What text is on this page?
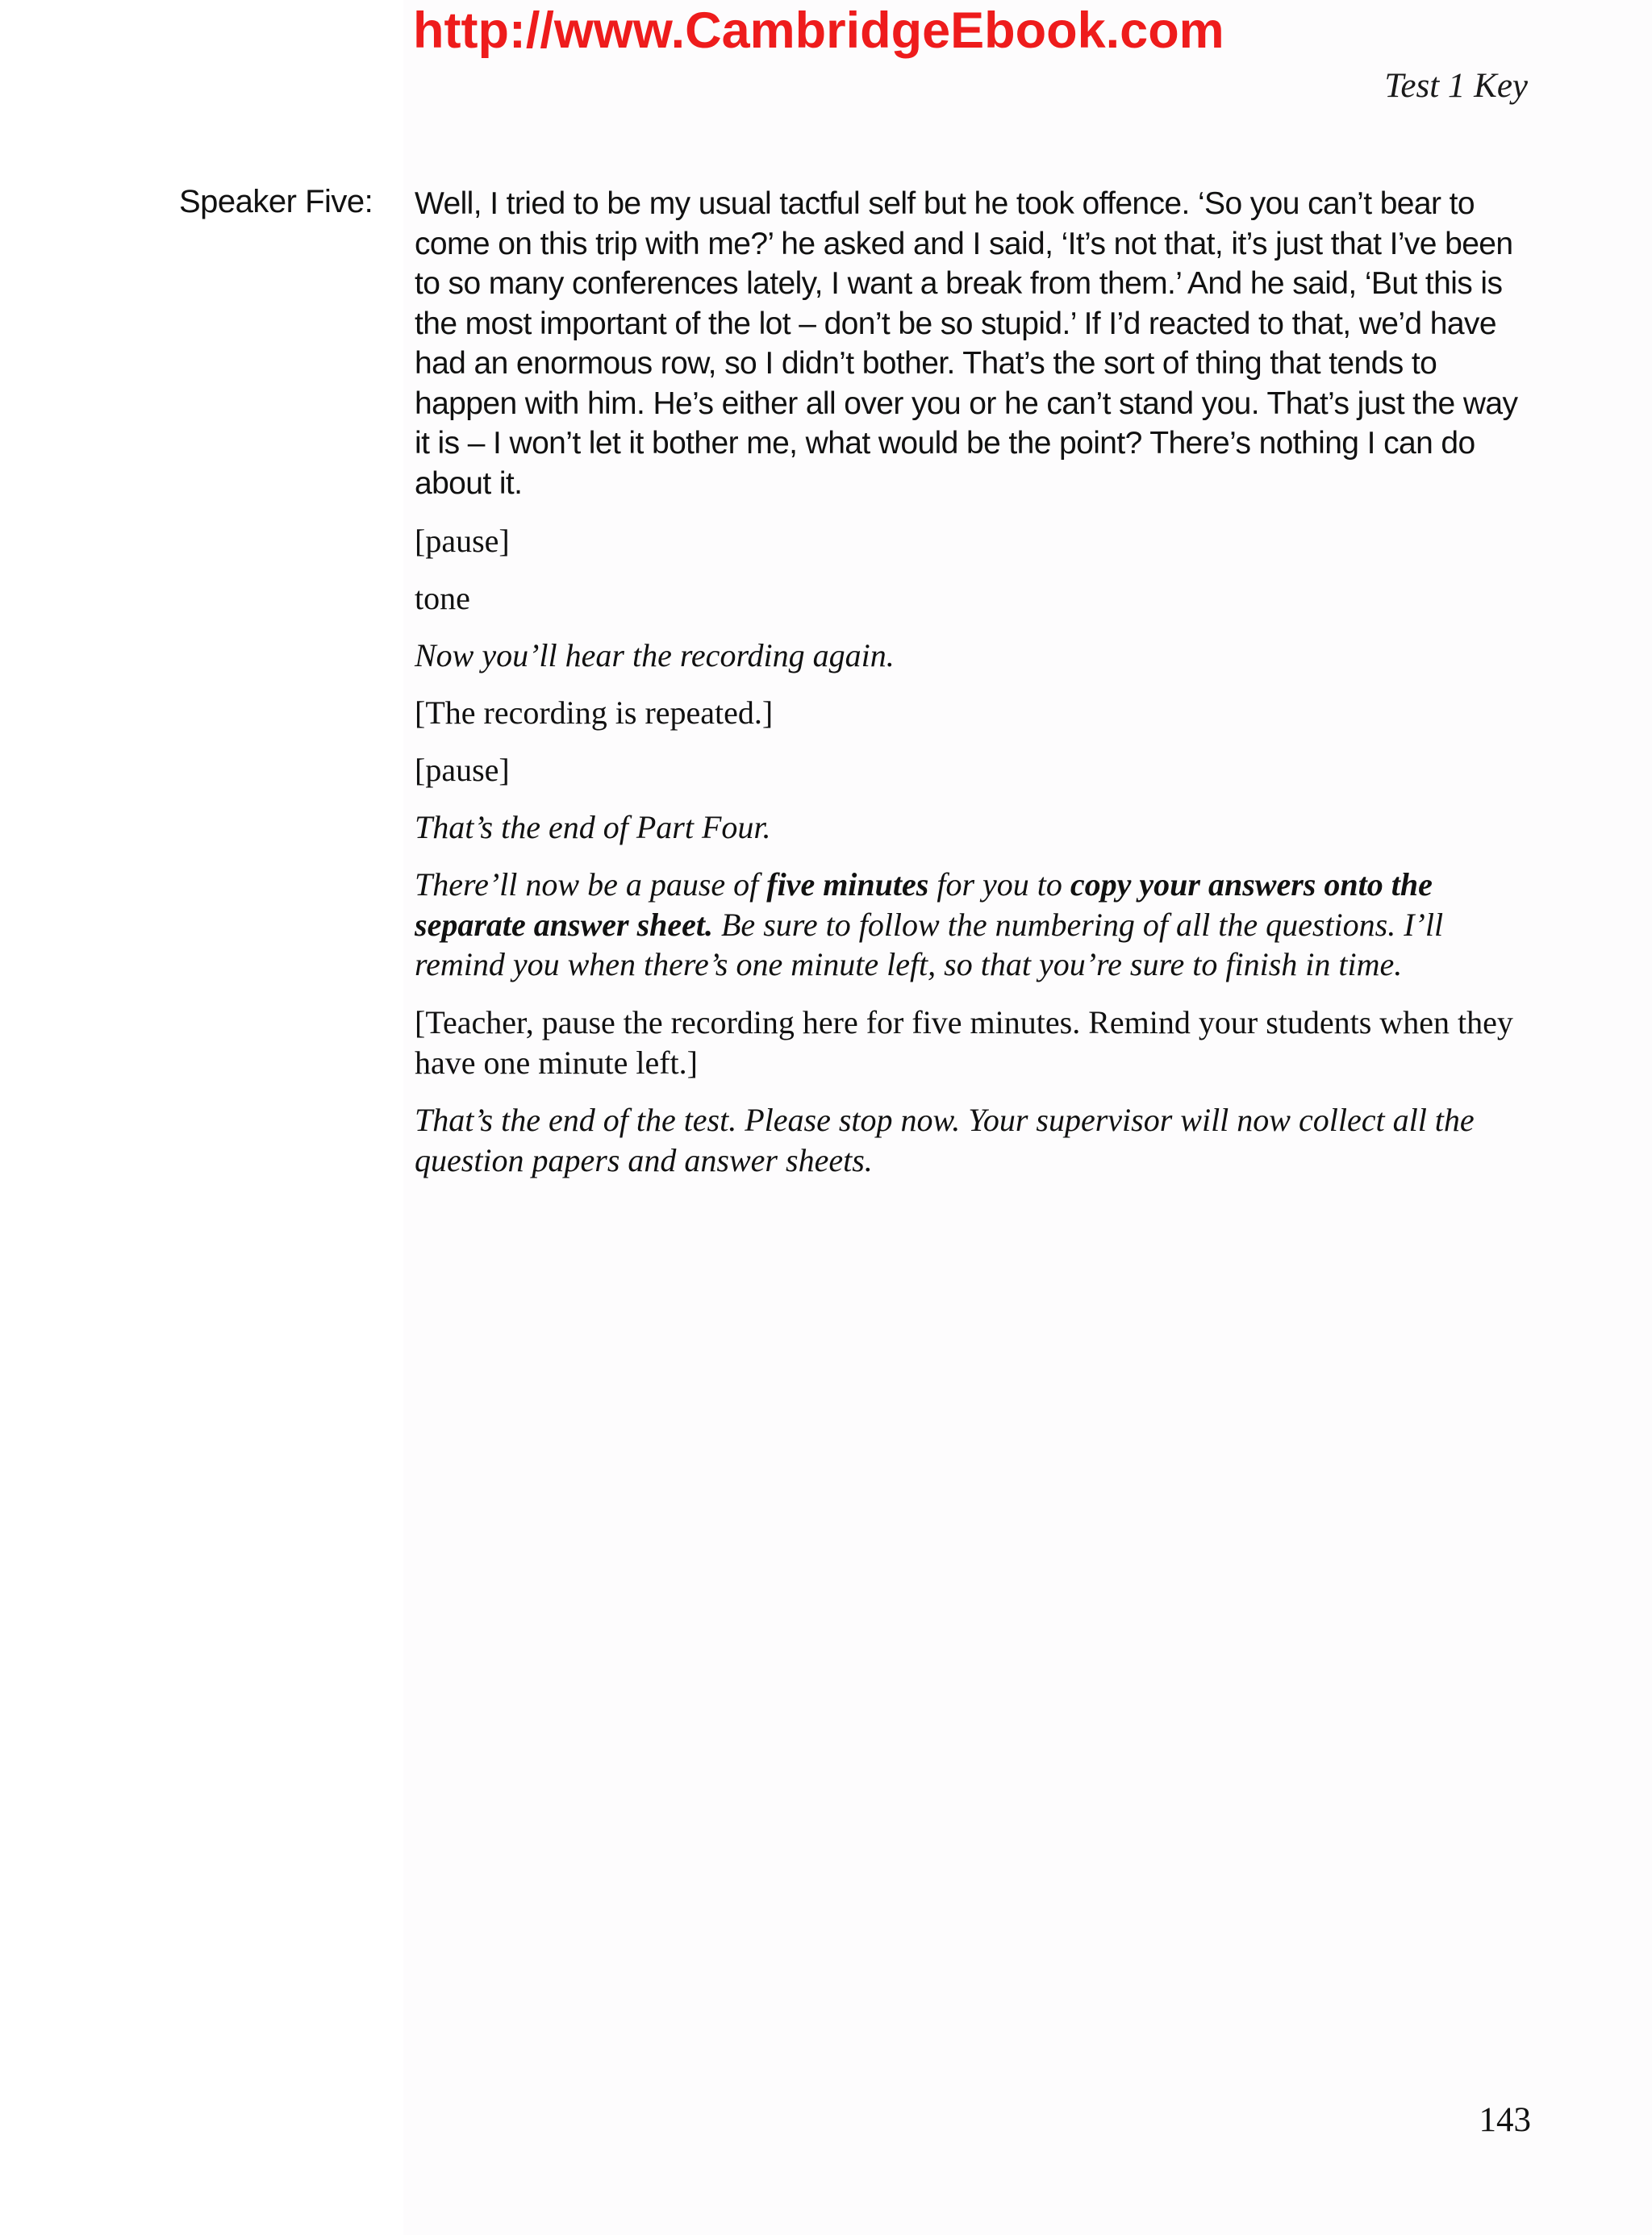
http://www.CambridgeEbook.com
Test 1 Key
Speaker Five: Well, I tried to be my usual tactful self but he took offence. ‘So you can’t bear to come on this trip with me?’ he asked and I said, ‘It’s not that, it’s just that I’ve been to so many conferences lately, I want a break from them.’ And he said, ‘But this is the most important of the lot – don’t be so stupid.’ If I’d reacted to that, we’d have had an enormous row, so I didn’t bother. That’s the sort of thing that tends to happen with him. He’s either all over you or he can’t stand you. That’s just the way it is – I won’t let it bother me, what would be the point? There’s nothing I can do about it.
[pause]
tone
Now you’ll hear the recording again.
[The recording is repeated.]
[pause]
That’s the end of Part Four.
There’ll now be a pause of five minutes for you to copy your answers onto the separate answer sheet. Be sure to follow the numbering of all the questions. I’ll remind you when there’s one minute left, so that you’re sure to finish in time.
[Teacher, pause the recording here for five minutes. Remind your students when they have one minute left.]
That’s the end of the test. Please stop now. Your supervisor will now collect all the question papers and answer sheets.
143
